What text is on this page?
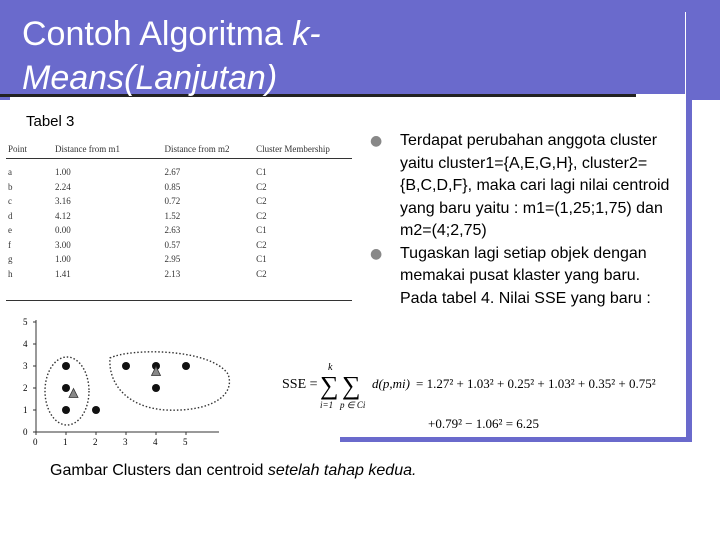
Contoh Algoritma k-
Means(Lanjutan)
Tabel 3
Point	Distance from m1	Distance from m2	Cluster Membership
a	1.00	2.67	C1
b	2.24	0.85	C2
c	3.16	0.72	C2
d	4.12	1.52	C2
e	0.00	2.63	C1
f	3.00	0.57	C2
g	1.00	2.95	C1
h	1.41	2.13	C2
● Terdapat perubahan anggota cluster yaitu cluster1={A,E,G,H}, cluster2={B,C,D,F}, maka cari lagi nilai centroid yang baru yaitu : m1=(1,25;1,75) dan m2=(4;2,75)
● Tugaskan lagi setiap objek dengan memakai pusat klaster yang baru. Pada tabel 4. Nilai SSE yang baru :
SSE =
k
∑ ∑
i=1 p ∈ Ci
d(p,mi) = 1.27² + 1.03² + 0.25² + 1.03² + 0.35² + 0.75²
+0.79² − 1.06² = 6.25
0	1	2	3	4	5
0
1
2
3
4
5
Gambar Clusters dan centroid setelah tahap kedua.
